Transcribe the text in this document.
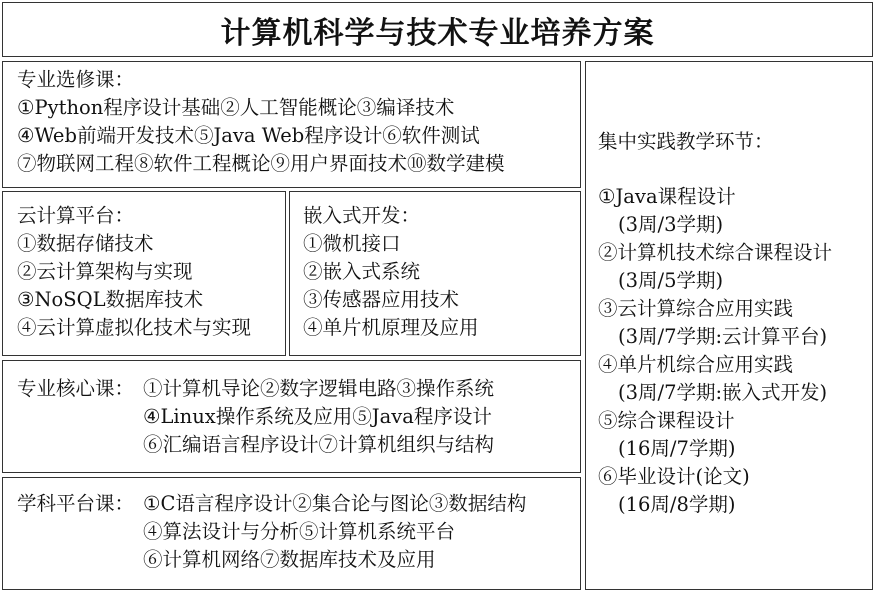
计算机科学与技术专业培养方案
专业选修课：
①Python程序设计基础②人工智能概论③编译技术
④Web前端开发技术⑤Java Web程序设计⑥软件测试
⑦物联网工程⑧软件工程概论⑨用户界面技术⑩数学建模
云计算平台：
①数据存储技术
②云计算架构与实现
③NoSQL数据库技术
④云计算虚拟化技术与实现
嵌入式开发：
①微机接口
②嵌入式系统
③传感器应用技术
④单片机原理及应用
专业核心课： ①计算机导论②数字逻辑电路③操作系统
④Linux操作系统及应用⑤Java程序设计
⑥汇编语言程序设计⑦计算机组织与结构
学科平台课： ①C语言程序设计②集合论与图论③数据结构
④算法设计与分析⑤计算机系统平台
⑥计算机网络⑦数据库技术及应用
集中实践教学环节：
①Java课程设计
(3周/3学期)
②计算机技术综合课程设计
(3周/5学期)
③云计算综合应用实践
(3周/7学期:云计算平台)
④单片机综合应用实践
(3周/7学期:嵌入式开发)
⑤综合课程设计
(16周/7学期)
⑥毕业设计(论文)
(16周/8学期)
